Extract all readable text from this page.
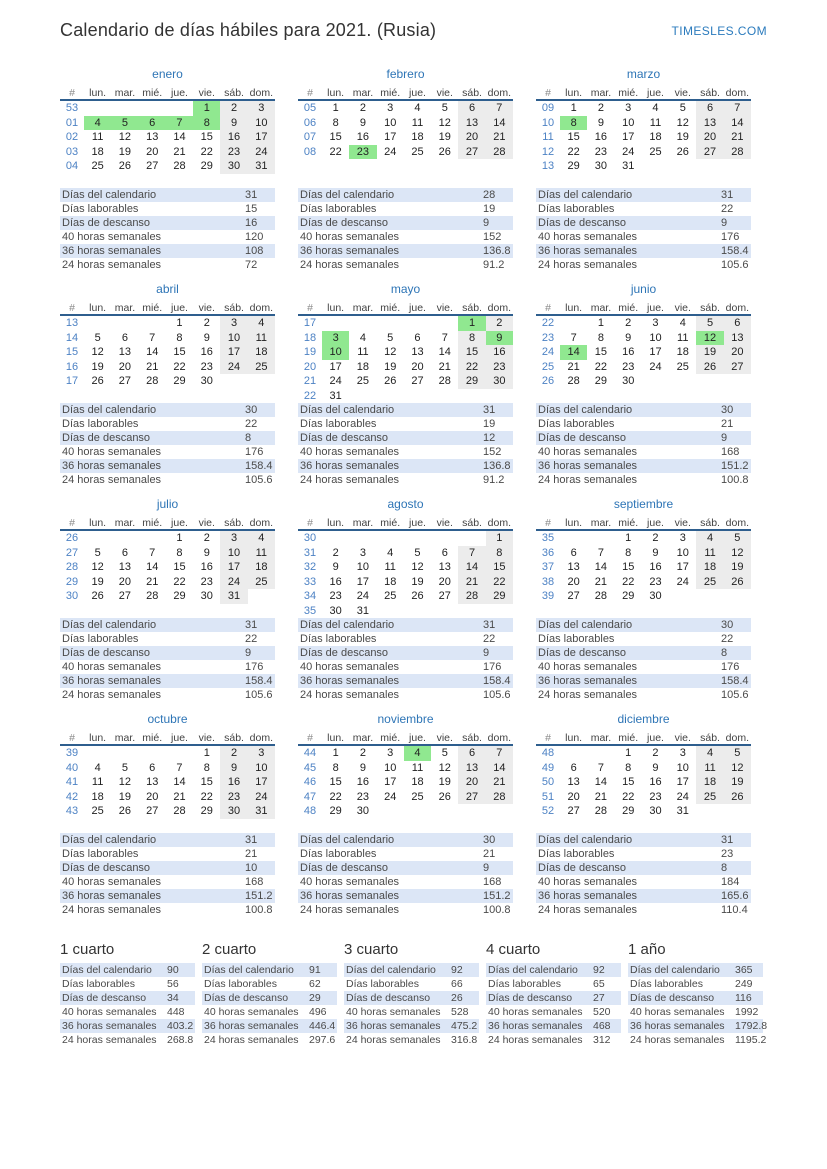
Calendario de días hábiles para 2021. (Rusia)	TIMESLES.COM
enero
#	lun.	mar.	mié.	jue.	vie.	sáb.	dom.
53					1	2	3
01	4	5	6	7	8	9	10
02	11	12	13	14	15	16	17
03	18	19	20	21	22	23	24
04	25	26	27	28	29	30	31
Días del calendario	31
Días laborables	15
Días de descanso	16
40 horas semanales	120
36 horas semanales	108
24 horas semanales	72
febrero
#	lun.	mar.	mié.	jue.	vie.	sáb.	dom.
05	1	2	3	4	5	6	7
06	8	9	10	11	12	13	14
07	15	16	17	18	19	20	21
08	22	23	24	25	26	27	28
Días del calendario	28
Días laborables	19
Días de descanso	9
40 horas semanales	152
36 horas semanales	136.8
24 horas semanales	91.2
marzo
#	lun.	mar.	mié.	jue.	vie.	sáb.	dom.
09	1	2	3	4	5	6	7
10	8	9	10	11	12	13	14
11	15	16	17	18	19	20	21
12	22	23	24	25	26	27	28
13	29	30	31				
Días del calendario	31
Días laborables	22
Días de descanso	9
40 horas semanales	176
36 horas semanales	158.4
24 horas semanales	105.6
abril
#	lun.	mar.	mié.	jue.	vie.	sáb.	dom.
13				1	2	3	4
14	5	6	7	8	9	10	11
15	12	13	14	15	16	17	18
16	19	20	21	22	23	24	25
17	26	27	28	29	30		
Días del calendario	30
Días laborables	22
Días de descanso	8
40 horas semanales	176
36 horas semanales	158.4
24 horas semanales	105.6
mayo
#	lun.	mar.	mié.	jue.	vie.	sáb.	dom.
17						1	2
18	3	4	5	6	7	8	9
19	10	11	12	13	14	15	16
20	17	18	19	20	21	22	23
21	24	25	26	27	28	29	30
22	31						
Días del calendario	31
Días laborables	19
Días de descanso	12
40 horas semanales	152
36 horas semanales	136.8
24 horas semanales	91.2
junio
#	lun.	mar.	mié.	jue.	vie.	sáb.	dom.
22		1	2	3	4	5	6
23	7	8	9	10	11	12	13
24	14	15	16	17	18	19	20
25	21	22	23	24	25	26	27
26	28	29	30				
Días del calendario	30
Días laborables	21
Días de descanso	9
40 horas semanales	168
36 horas semanales	151.2
24 horas semanales	100.8
julio
#	lun.	mar.	mié.	jue.	vie.	sáb.	dom.
26				1	2	3	4
27	5	6	7	8	9	10	11
28	12	13	14	15	16	17	18
29	19	20	21	22	23	24	25
30	26	27	28	29	30	31	
Días del calendario	31
Días laborables	22
Días de descanso	9
40 horas semanales	176
36 horas semanales	158.4
24 horas semanales	105.6
agosto
#	lun.	mar.	mié.	jue.	vie.	sáb.	dom.
30							1
31	2	3	4	5	6	7	8
32	9	10	11	12	13	14	15
33	16	17	18	19	20	21	22
34	23	24	25	26	27	28	29
35	30	31					
Días del calendario	31
Días laborables	22
Días de descanso	9
40 horas semanales	176
36 horas semanales	158.4
24 horas semanales	105.6
septiembre
#	lun.	mar.	mié.	jue.	vie.	sáb.	dom.
35			1	2	3	4	5
36	6	7	8	9	10	11	12
37	13	14	15	16	17	18	19
38	20	21	22	23	24	25	26
39	27	28	29	30			
Días del calendario	30
Días laborables	22
Días de descanso	8
40 horas semanales	176
36 horas semanales	158.4
24 horas semanales	105.6
octubre
#	lun.	mar.	mié.	jue.	vie.	sáb.	dom.
39					1	2	3
40	4	5	6	7	8	9	10
41	11	12	13	14	15	16	17
42	18	19	20	21	22	23	24
43	25	26	27	28	29	30	31
Días del calendario	31
Días laborables	21
Días de descanso	10
40 horas semanales	168
36 horas semanales	151.2
24 horas semanales	100.8
noviembre
#	lun.	mar.	mié.	jue.	vie.	sáb.	dom.
44	1	2	3	4	5	6	7
45	8	9	10	11	12	13	14
46	15	16	17	18	19	20	21
47	22	23	24	25	26	27	28
48	29	30					
Días del calendario	30
Días laborables	21
Días de descanso	9
40 horas semanales	168
36 horas semanales	151.2
24 horas semanales	100.8
diciembre
#	lun.	mar.	mié.	jue.	vie.	sáb.	dom.
48			1	2	3	4	5
49	6	7	8	9	10	11	12
50	13	14	15	16	17	18	19
51	20	21	22	23	24	25	26
52	27	28	29	30	31		
Días del calendario	31
Días laborables	23
Días de descanso	8
40 horas semanales	184
36 horas semanales	165.6
24 horas semanales	110.4
1 cuarto
Días del calendario	90
Días laborables	56
Días de descanso	34
40 horas semanales 448
36 horas semanales 403.2
24 horas semanales 268.8
2 cuarto
Días del calendario	91
Días laborables	62
Días de descanso	29
40 horas semanales 496
36 horas semanales 446.4
24 horas semanales 297.6
3 cuarto
Días del calendario	92
Días laborables	66
Días de descanso	26
40 horas semanales 528
36 horas semanales 475.2
24 horas semanales 316.8
4 cuarto
Días del calendario	92
Días laborables	65
Días de descanso	27
40 horas semanales 520
36 horas semanales 468
24 horas semanales 312
1 año
Días del calendario	365
Días laborables	249
Días de descanso	116
40 horas semanales 1992
36 horas semanales 1792.8
24 horas semanales 1195.2
